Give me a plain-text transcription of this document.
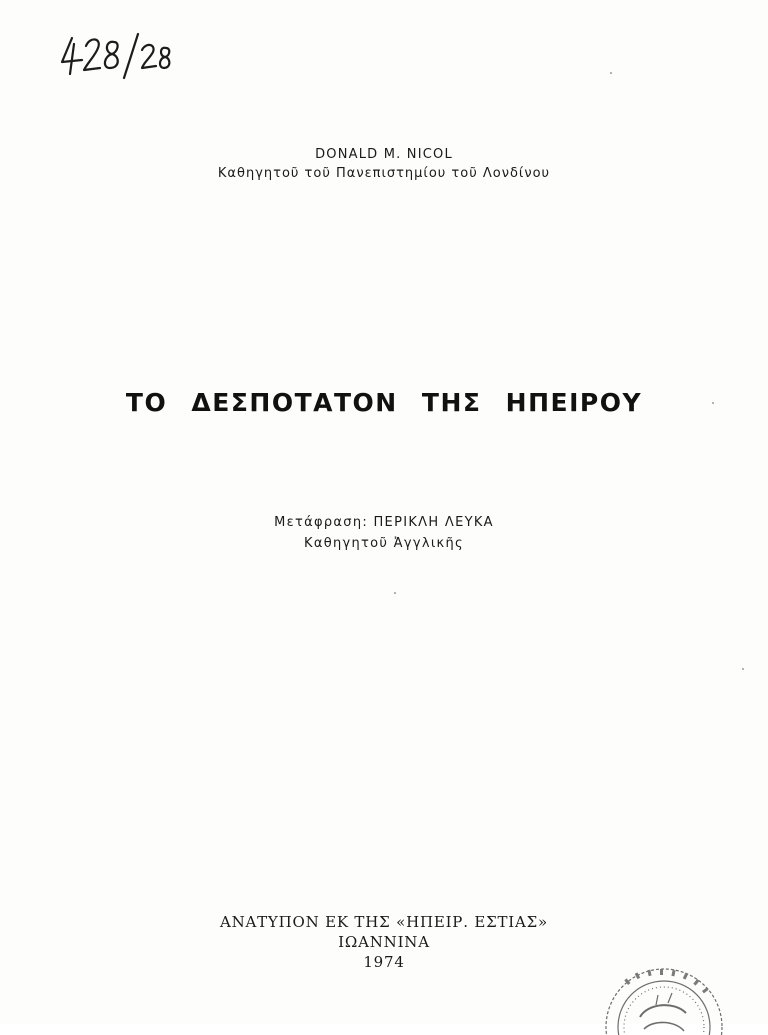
DONALD M. NICOL
Καθηγητοῦ τοῦ Πανεπιστημίου τοῦ Λονδίνου
ΤΟ ΔΕΣΠΟΤΑΤΟΝ ΤΗΣ ΗΠΕΙΡΟΥ
Μετάφραση: ΠΕΡΙΚΛΗ ΛΕΥΚΑ
Καθηγητοῦ Ἀγγλικῆς
ΑΝΑΤΥΠΟΝ ΕΚ ΤΗΣ «ΗΠΕΙΡ. ΕΣΤΙΑΣ»
ΙΩΑΝΝΙΝΑ
1974
